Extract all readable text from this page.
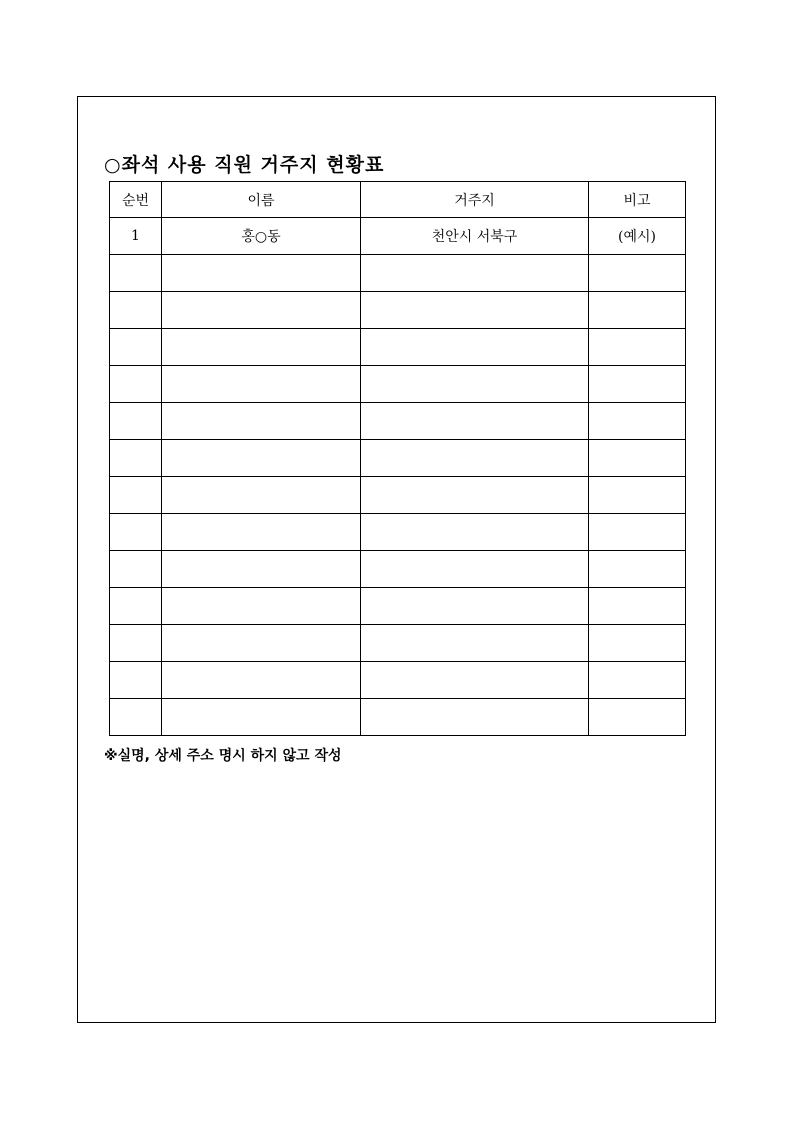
○좌석 사용 직원 거주지 현황표
순번	이름	거주지	비고
1	홍○동	천안시 서북구	(예시)

※실명, 상세 주소 명시 하지 않고 작성
